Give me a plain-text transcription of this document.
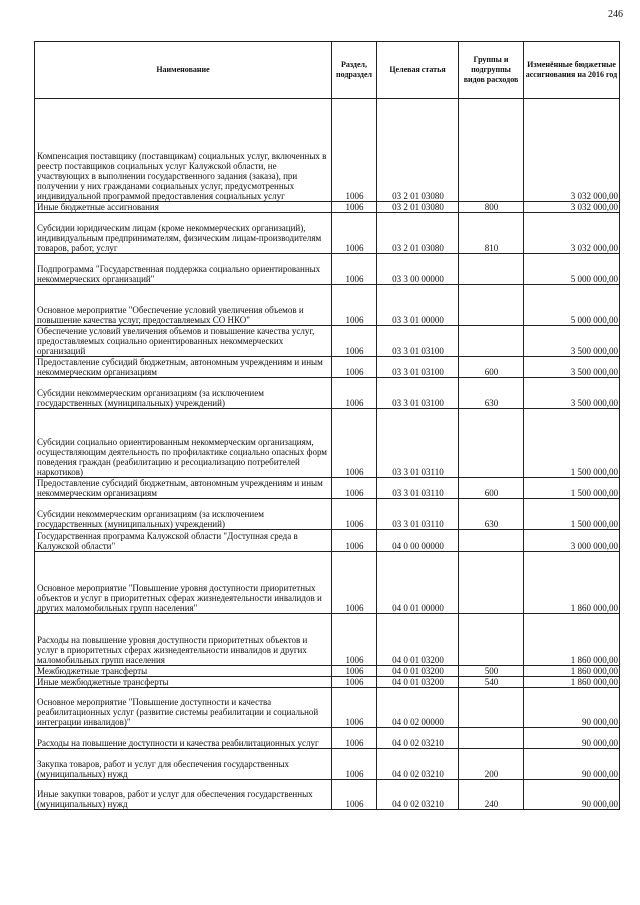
246
Наименование	Раздел, подраздел	Целевая статья	Группы и подгруппы видов расходов	Изменённые бюджетные ассигнования на 2016 год
Компенсация поставщику (поставщикам) социальных услуг, включенных в реестр поставщиков социальных услуг Калужской области, не участвующих в выполнении государственного задания (заказа), при получении у них гражданами социальных услуг, предусмотренных индивидуальной программой предоставления социальных услуг	1006	03 2 01 03080		3 032 000,00
Иные бюджетные ассигнования	1006	03 2 01 03080	800	3 032 000,00
Субсидии юридическим лицам (кроме некоммерческих организаций), индивидуальным предпринимателям, физическим лицам-производителям товаров, работ, услуг	1006	03 2 01 03080	810	3 032 000,00
Подпрограмма "Государственная поддержка социально ориентированных некоммерческих организаций"	1006	03 3 00 00000		5 000 000,00
Основное мероприятие "Обеспечение условий увеличения объемов и повышение качества услуг, предоставляемых СО НКО"	1006	03 3 01 00000		5 000 000,00
Обеспечение условий увеличения объемов и повышение качества услуг, предоставляемых социально ориентированных некоммерческих организаций	1006	03 3 01 03100		3 500 000,00
Предоставление субсидий бюджетным, автономным учреждениям и иным некоммерческим организациям	1006	03 3 01 03100	600	3 500 000,00
Субсидии некоммерческим организациям (за исключением государственных (муниципальных) учреждений)	1006	03 3 01 03100	630	3 500 000,00
Субсидии социально ориентированным некоммерческим организациям, осуществляющим деятельность по профилактике социально опасных форм поведения граждан (реабилитацию и ресоциализацию потребителей наркотиков)	1006	03 3 01 03110		1 500 000,00
Предоставление субсидий бюджетным, автономным учреждениям и иным некоммерческим организациям	1006	03 3 01 03110	600	1 500 000,00
Субсидии некоммерческим организациям (за исключением государственных (муниципальных) учреждений)	1006	03 3 01 03110	630	1 500 000,00
Государственная программа Калужской области "Доступная среда в Калужской области"	1006	04 0 00 00000		3 000 000,00
Основное мероприятие "Повышение уровня доступности приоритетных объектов и услуг в приоритетных сферах жизнедеятельности инвалидов и других маломобильных групп населения"	1006	04 0 01 00000		1 860 000,00
Расходы на повышение уровня доступности приоритетных объектов и услуг в приоритетных сферах жизнедеятельности инвалидов и других маломобильных групп населения	1006	04 0 01 03200		1 860 000,00
Межбюджетные трансферты	1006	04 0 01 03200	500	1 860 000,00
Иные межбюджетные трансферты	1006	04 0 01 03200	540	1 860 000,00
Основное мероприятие "Повышение доступности и качества реабилитационных услуг (развитие системы реабилитации и социальной интеграции инвалидов)"	1006	04 0 02 00000		90 000,00
Расходы на повышение доступности и качества реабилитационных услуг	1006	04 0 02 03210		90 000,00
Закупка товаров, работ и услуг для обеспечения государственных (муниципальных) нужд	1006	04 0 02 03210	200	90 000,00
Иные закупки товаров, работ и услуг для обеспечения государственных (муниципальных) нужд	1006	04 0 02 03210	240	90 000,00
